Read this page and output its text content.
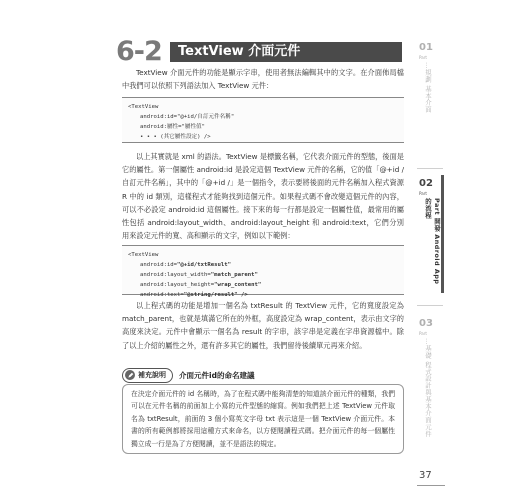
6-2	TextView 介面元件
TextView 介面元件的功能是顯示字串，使用者無法編輯其中的文字。在介面佈局檔中我們可以依照下列語法加入 TextView 元件：
<TextView
android:id="@+id/自訂元件名稱"
android:屬性="屬性值"
• • • (其它屬性設定) />
以上其實就是 xml 的語法。TextView 是標籤名稱，它代表介面元件的型態，後面是它的屬性。第一個屬性 android:id 是設定這個 TextView 元件的名稱，它的值「@+id /自訂元件名稱」，其中的「@+id /」是一個指令，表示要將後面的元件名稱加入程式資源 R 中的 id 類別，這樣程式才能夠找到這個元件。如果程式碼不會改變這個元件的內容，可以不必設定 android:id 這個屬性。接下來的每一行都是設定一個屬性值，最常用的屬性包括 android:layout_width、android:layout_height 和 android:text，它們分別用來設定元件的寬、高和顯示的文字，例如以下範例：
<TextView
android:id="@+id/txtResult"
android:layout_width="match_parent"
android:layout_height="wrap_content"
android:text="@string/result" />
以上程式碼的功能是增加一個名為 txtResult 的 TextView 元件，它的寬度設定為 match_parent，也就是填滿它所在的外框，高度設定為 wrap_content，表示由文字的高度來決定。元件中會顯示一個名為 result 的字串，該字串是定義在字串資源檔中。除了以上介紹的屬性之外，還有許多其它的屬性，我們留待後續單元再來介紹。
補充說明 介面元件id的命名建議
在決定介面元件的 id 名稱時，為了在程式碼中能夠清楚的知道該介面元件的種類，我們可以在元件名稱的前面加上小寫的元件型態的縮寫。例如我們把上述 TextView 元件取名為 txtResult，前面的 3 個小寫英文字母 txt 表示這是一個 TextView 介面元件。本書的所有範例都將採用這種方式來命名，以方便閱讀程式碼。把介面元件的每一個屬性獨立成一行是為了方便閱讀，並不是語法的規定。
01
Part
…規劃 基本介面
02
Part
Part 開發 Android App 的流程
03
Part
…基礎 程式設計與基本介面元件
37
